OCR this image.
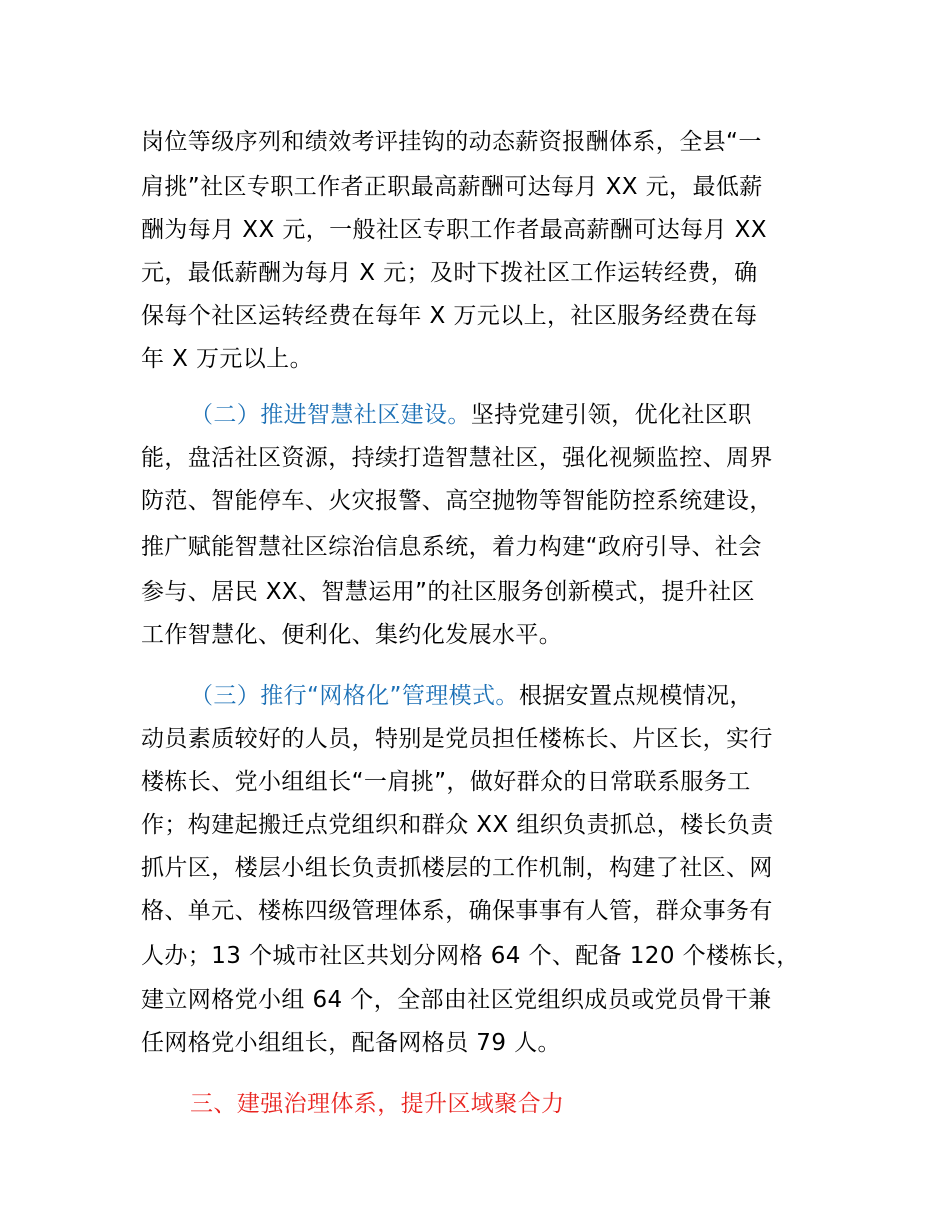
岗位等级序列和绩效考评挂钩的动态薪资报酬体系，全县“一
肩挑”社区专职工作者正职最高薪酬可达每月 XX 元，最低薪
酬为每月 XX 元，一般社区专职工作者最高薪酬可达每月 XX
元，最低薪酬为每月 X 元；及时下拨社区工作运转经费，确
保每个社区运转经费在每年 X 万元以上，社区服务经费在每
年 X 万元以上。
（二）推进智慧社区建设。坚持党建引领，优化社区职
能，盘活社区资源，持续打造智慧社区，强化视频监控、周界
防范、智能停车、火灾报警、高空抛物等智能防控系统建设，
推广赋能智慧社区综治信息系统，着力构建“政府引导、社会
参与、居民 XX、智慧运用”的社区服务创新模式，提升社区
工作智慧化、便利化、集约化发展水平。
（三）推行“网格化”管理模式。根据安置点规模情况，
动员素质较好的人员，特别是党员担任楼栋长、片区长，实行
楼栋长、党小组组长“一肩挑”，做好群众的日常联系服务工
作；构建起搬迁点党组织和群众 XX 组织负责抓总，楼长负责
抓片区，楼层小组长负责抓楼层的工作机制，构建了社区、网
格、单元、楼栋四级管理体系，确保事事有人管，群众事务有
人办；13 个城市社区共划分网格 64 个、配备 120 个楼栋长，
建立网格党小组 64 个，全部由社区党组织成员或党员骨干兼
任网格党小组组长，配备网格员 79 人。
三、建强治理体系，提升区域聚合力
